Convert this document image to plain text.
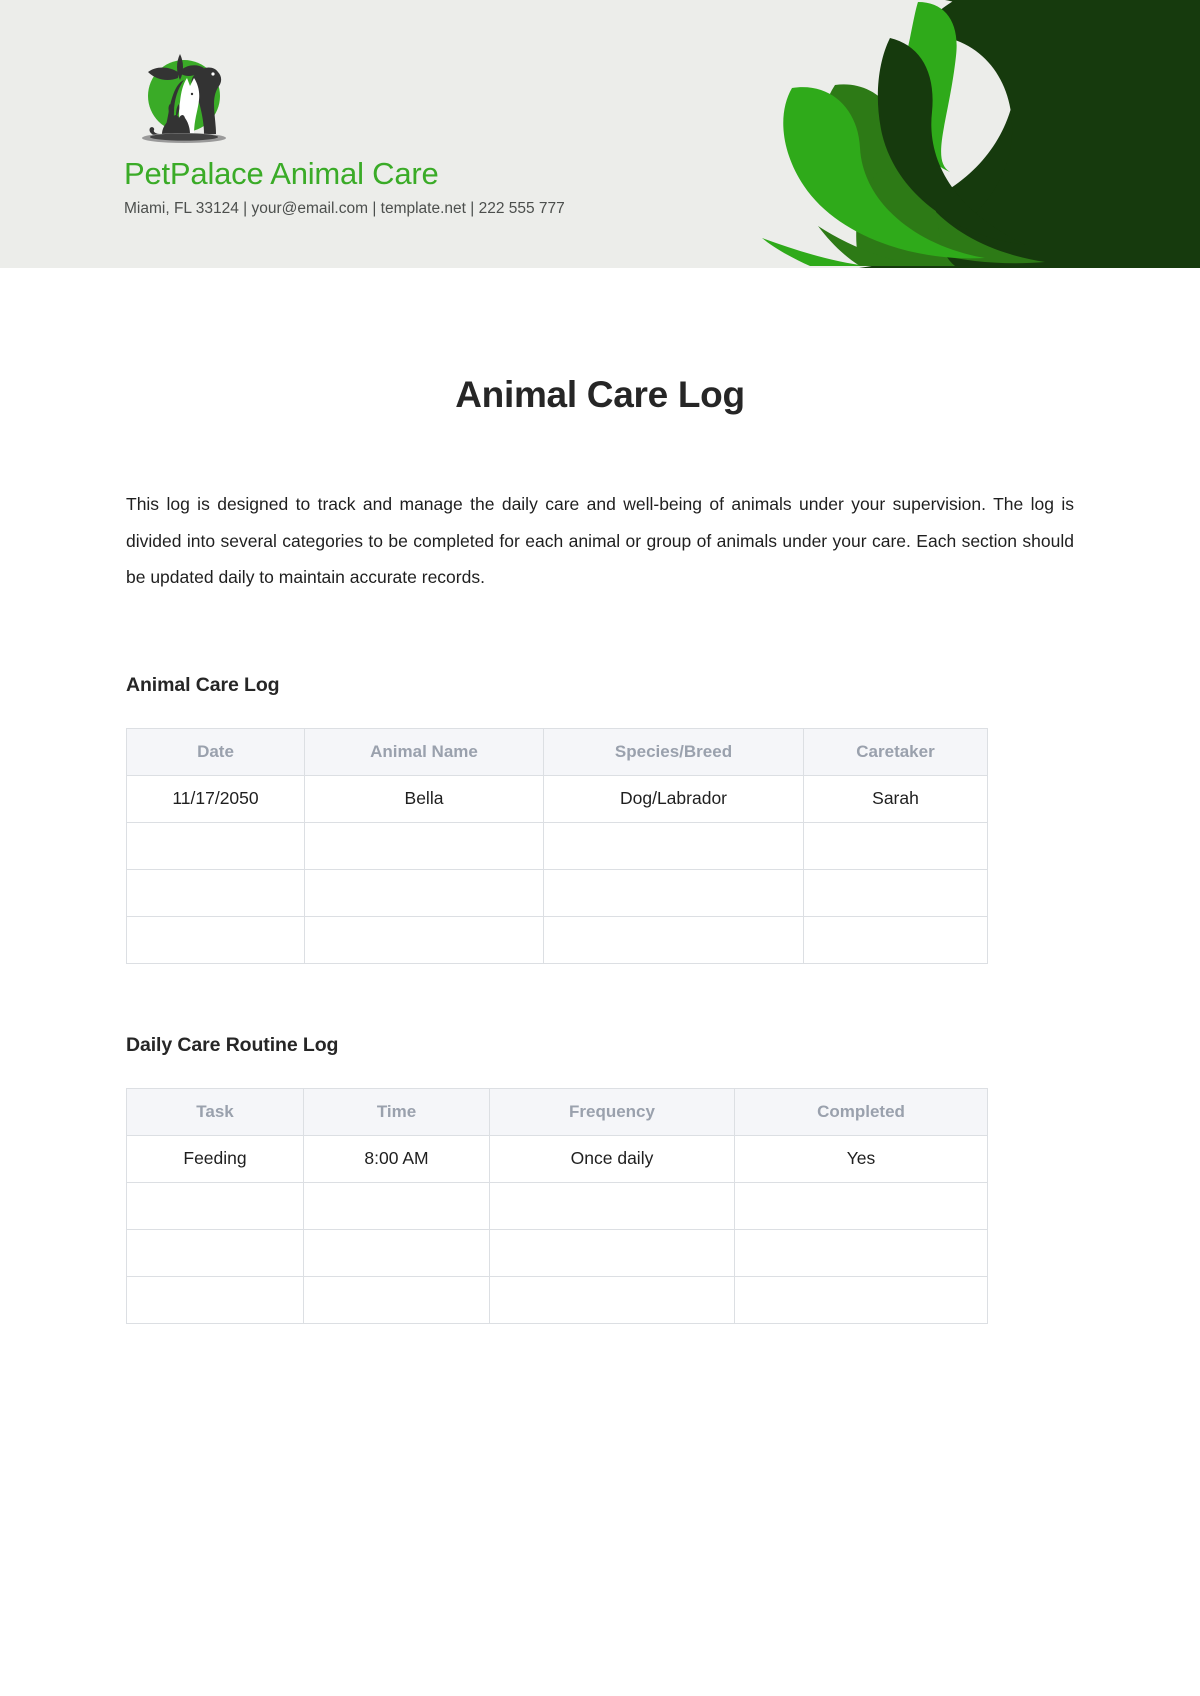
PetPalace Animal Care
Miami, FL 33124 | your@email.com | template.net | 222 555 777
Animal Care Log

This log is designed to track and manage the daily care and well-being of animals under your supervision. The log is divided into several categories to be completed for each animal or group of animals under your care. Each section should be updated daily to maintain accurate records.

Animal Care Log
Date	Animal Name	Species/Breed	Caretaker
11/17/2050	Bella	Dog/Labrador	Sarah

Daily Care Routine Log
Task	Time	Frequency	Completed
Feeding	8:00 AM	Once daily	Yes
